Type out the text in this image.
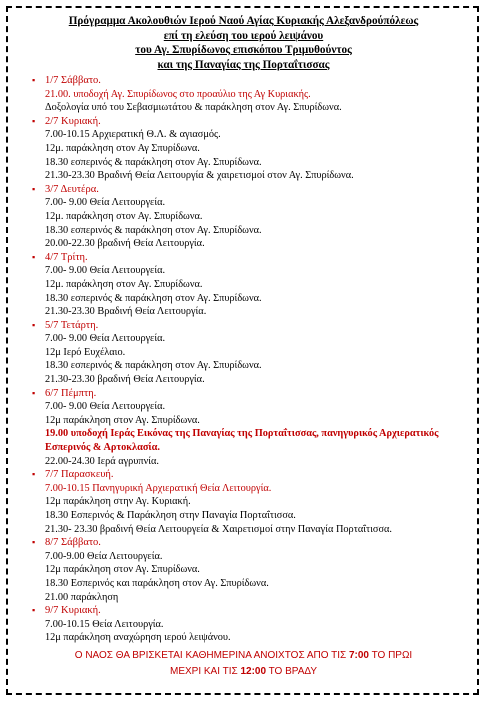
Πρόγραμμα Ακολουθιών Ιερού Ναού Αγίας Κυριακής Αλεξανδρούπόλεως
επί τη ελεύση του ιερού λειψάνου
του Αγ. Σπυρίδωνος επισκόπου Τριμυθούντος
και της Παναγίας της Πορταΐτισσας
▪ 1/7 Σάββατο.
21.00. υποδοχή Αγ. Σπυρίδωνος στο προαύλιο της Αγ Κυριακής.
Δοξολογία υπό του Σεβασμιωτάτου & παράκληση στον Αγ. Σπυρίδωνα.
▪ 2/7 Κυριακή.
7.00-10.15 Αρχιερατική Θ.Λ. & αγιασμός.
12μ. παράκληση στον Αγ Σπυρίδωνα.
18.30 εσπερινός & παράκληση στον Αγ. Σπυρίδωνα.
21.30-23.30 Βραδινή Θεία Λειτουργία & χαιρετισμοί στον Αγ. Σπυρίδωνα.
▪ 3/7 Δευτέρα.
7.00- 9.00 Θεία Λειτουργεία.
12μ. παράκληση στον Αγ. Σπυρίδωνα.
18.30 εσπερινός & παράκληση στον Αγ. Σπυρίδωνα.
20.00-22.30 βραδινή Θεία Λειτουργία.
▪ 4/7 Τρίτη.
7.00- 9.00 Θεία Λειτουργεία.
12μ. παράκληση στον Αγ. Σπυρίδωνα.
18.30 εσπερινός & παράκληση στον Αγ. Σπυρίδωνα.
21.30-23.30 Βραδινή Θεία Λειτουργία.
▪ 5/7 Τετάρτη.
7.00- 9.00 Θεία Λειτουργεία.
12μ Ιερό Ευχέλαιο.
18.30 εσπερινός & παράκληση στον Αγ. Σπυρίδωνα.
21.30-23.30 βραδινή Θεία Λειτουργία.
▪ 6/7 Πέμπτη.
7.00- 9.00 Θεία Λειτουργεία.
12μ παράκληση στον Αγ. Σπυρίδωνα.
19.00 υποδοχή Ιεράς Εικόνας της Παναγίας της Πορταΐτισσας, πανηγυρικός Αρχιερατικός Εσπερινός & Αρτοκλασία.
22.00-24.30 Ιερά αγρυπνία.
▪ 7/7 Παρασκευή.
7.00-10.15 Πανηγυρική Αρχιερατική Θεία Λειτουργία.
12μ παράκληση στην Αγ. Κυριακή.
18.30 Εσπερινός & Παράκληση στην Παναγία Πορταΐτισσα.
21.30- 23.30 βραδινή Θεία Λειτουργεία & Χαιρετισμοί στην Παναγία Πορταΐτισσα.
▪ 8/7 Σάββατο.
7.00-9.00 Θεία Λειτουργεία.
12μ παράκληση στον Αγ. Σπυρίδωνα.
18.30 Εσπερινός και παράκληση στον Αγ. Σπυρίδωνα.
21.00 παράκληση
▪ 9/7 Κυριακή.
7.00-10.15 Θεία Λειτουργία.
12μ παράκληση αναχώρηση ιερού λειψάνου.
Ο ΝΑΟΣ ΘΑ ΒΡΙΣΚΕΤΑΙ ΚΑΘΗΜΕΡΙΝΑ ΑΝΟΙΧΤΟΣ ΑΠΟ ΤΙΣ 7:00 ΤΟ ΠΡΩΙ
ΜΕΧΡΙ ΚΑΙ ΤΙΣ 12:00 ΤΟ ΒΡΑΔΥ
